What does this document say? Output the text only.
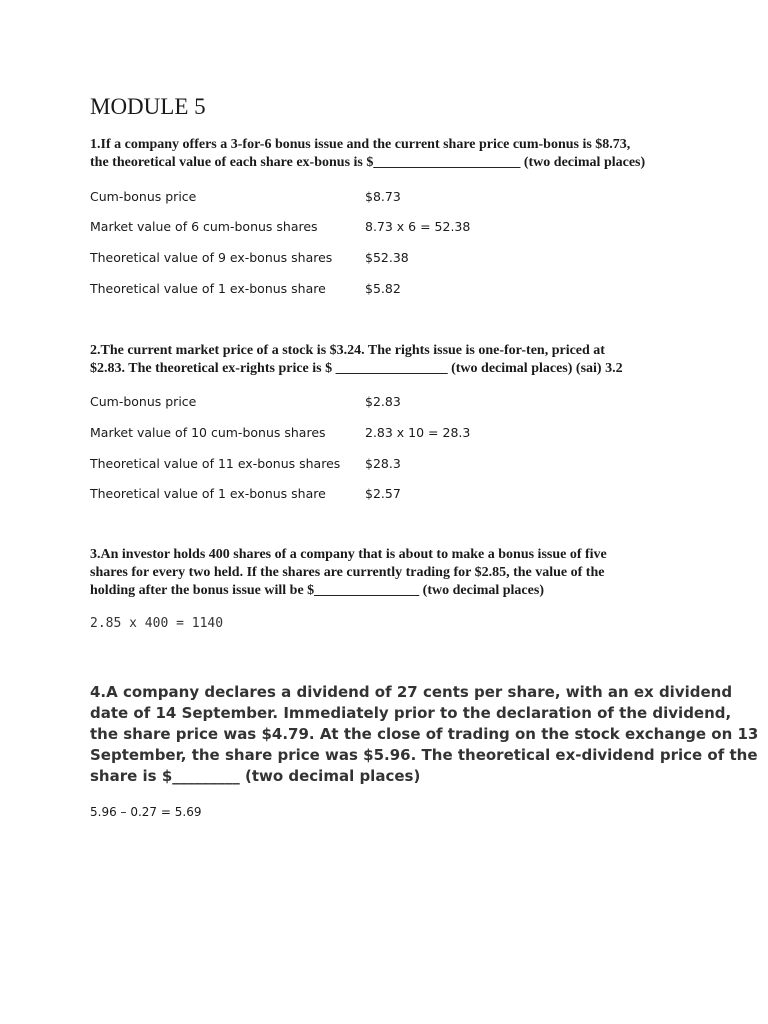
MODULE 5

1.If a company offers a 3-for-6 bonus issue and the current share price cum-bonus is $8.73,

the theoretical value of each share ex-bonus is $_____________________ (two decimal places)

Cum-bonus price	$8.73
Market value of 6 cum-bonus shares	8.73 x 6 = 52.38
Theoretical value of 9 ex-bonus shares	$52.38
Theoretical value of 1 ex-bonus share	$5.82

2.The current market price of a stock is $3.24. The rights issue is one-for-ten, priced at

$2.83. The theoretical ex-rights price is $ ________________ (two decimal places) (sai) 3.2

Cum-bonus price	$2.83
Market value of 10 cum-bonus shares	2.83 x 10 = 28.3
Theoretical value of 11 ex-bonus shares $28.3
Theoretical value of 1 ex-bonus share	$2.57

3.An investor holds 400 shares of a company that is about to make a bonus issue of five

shares for every two held. If the shares are currently trading for $2.85, the value of the

holding after the bonus issue will be $_______________ (two decimal places)

2.85 x 400 = 1140

4.A company declares a dividend of 27 cents per share, with an ex dividend

date of 14 September. Immediately prior to the declaration of the dividend,

the share price was $4.79. At the close of trading on the stock exchange on 13

September, the share price was $5.96. The theoretical ex-dividend price of the

share is $_________ (two decimal places)

5.96 – 0.27 = 5.69
